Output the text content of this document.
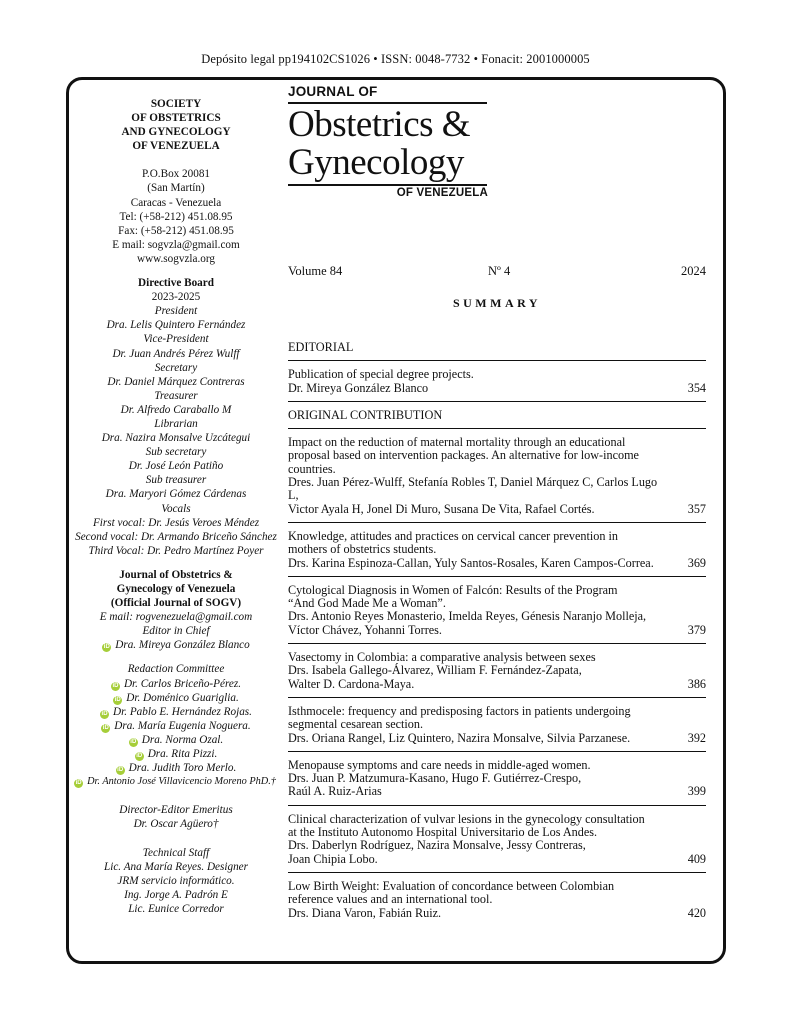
Depósito legal pp194102CS1026 • ISSN: 0048-7732 • Fonacit: 2001000005
SOCIETY
OF OBSTETRICS
AND GYNECOLOGY
OF VENEZUELA
P.O.Box 20081
(San Martín)
Caracas - Venezuela
Tel: (+58-212) 451.08.95
Fax: (+58-212) 451.08.95
E mail: sogvzla@gmail.com
www.sogvzla.org
Directive Board
2023-2025
President
Dra. Lelis Quintero Fernández
Vice-President
Dr. Juan Andrés Pérez Wulff
Secretary
Dr. Daniel Márquez Contreras
Treasurer
Dr. Alfredo Caraballo M
Librarian
Dra. Nazira Monsalve Uzcátegui
Sub secretary
Dr. José León Patiño
Sub treasurer
Dra. Maryori Gómez Cárdenas
Vocals
First vocal: Dr. Jesús Veroes Méndez
Second vocal: Dr. Armando Briceño Sánchez
Third Vocal: Dr. Pedro Martínez Poyer
Journal of Obstetrics &
Gynecology of Venezuela
(Official Journal of SOGV)
E mail: rogvenezuela@gmail.com
Editor in Chief
iD Dra. Mireya González Blanco
Redaction Committee
iD Dr. Carlos Briceño-Pérez.
iD Dr. Doménico Guariglia.
iD Dr. Pablo E. Hernández Rojas.
iD Dra. María Eugenia Noguera.
iD Dra. Norma Ozal.
iD Dra. Rita Pizzi.
iD Dra. Judith Toro Merlo.
iD Dr. Antonio José Villavicencio Moreno PhD.†
Director-Editor Emeritus
Dr. Oscar Agüero†
Technical Staff
Lic. Ana María Reyes. Designer
JRM servicio informático.
Ing. Jorge A. Padrón E
Lic. Eunice Corredor
JOURNAL OF
Obstetrics &
Gynecology
OF VENEZUELA
Volume 84	Nº 4	2024
SUMMARY
EDITORIAL
Publication of special degree projects.
Dr. Mireya González Blanco	354
ORIGINAL CONTRIBUTION
Impact on the reduction of maternal mortality through an educational
proposal based on intervention packages. An alternative for low-income
countries.
Dres. Juan Pérez-Wulff, Stefanía Robles T, Daniel Márquez C, Carlos Lugo L,
Victor Ayala H, Jonel Di Muro, Susana De Vita, Rafael Cortés.	357
Knowledge, attitudes and practices on cervical cancer prevention in
mothers of obstetrics students.
Drs. Karina Espinoza-Callan, Yuly Santos-Rosales, Karen Campos-Correa.	369
Cytological Diagnosis in Women of Falcón: Results of the Program
“And God Made Me a Woman”.
Drs. Antonio Reyes Monasterio, Imelda Reyes, Génesis Naranjo Molleja,
Víctor Chávez, Yohanni Torres.	379
Vasectomy in Colombia: a comparative analysis between sexes
Drs. Isabela Gallego-Álvarez, William F. Fernández-Zapata,
Walter D. Cardona-Maya.	386
Isthmocele: frequency and predisposing factors in patients undergoing
segmental cesarean section.
Drs. Oriana Rangel, Liz Quintero, Nazira Monsalve, Silvia Parzanese.	392
Menopause symptoms and care needs in middle-aged women.
Drs. Juan P. Matzumura-Kasano, Hugo F. Gutiérrez-Crespo,
Raúl A. Ruiz-Arias	399
Clinical characterization of vulvar lesions in the gynecology consultation
at the Instituto Autonomo Hospital Universitario de Los Andes.
Drs. Daberlyn Rodríguez, Nazira Monsalve, Jessy Contreras,
Joan Chipia Lobo.	409
Low Birth Weight: Evaluation of concordance between Colombian
reference values and an international tool.
Drs. Diana Varon, Fabián Ruiz.	420
